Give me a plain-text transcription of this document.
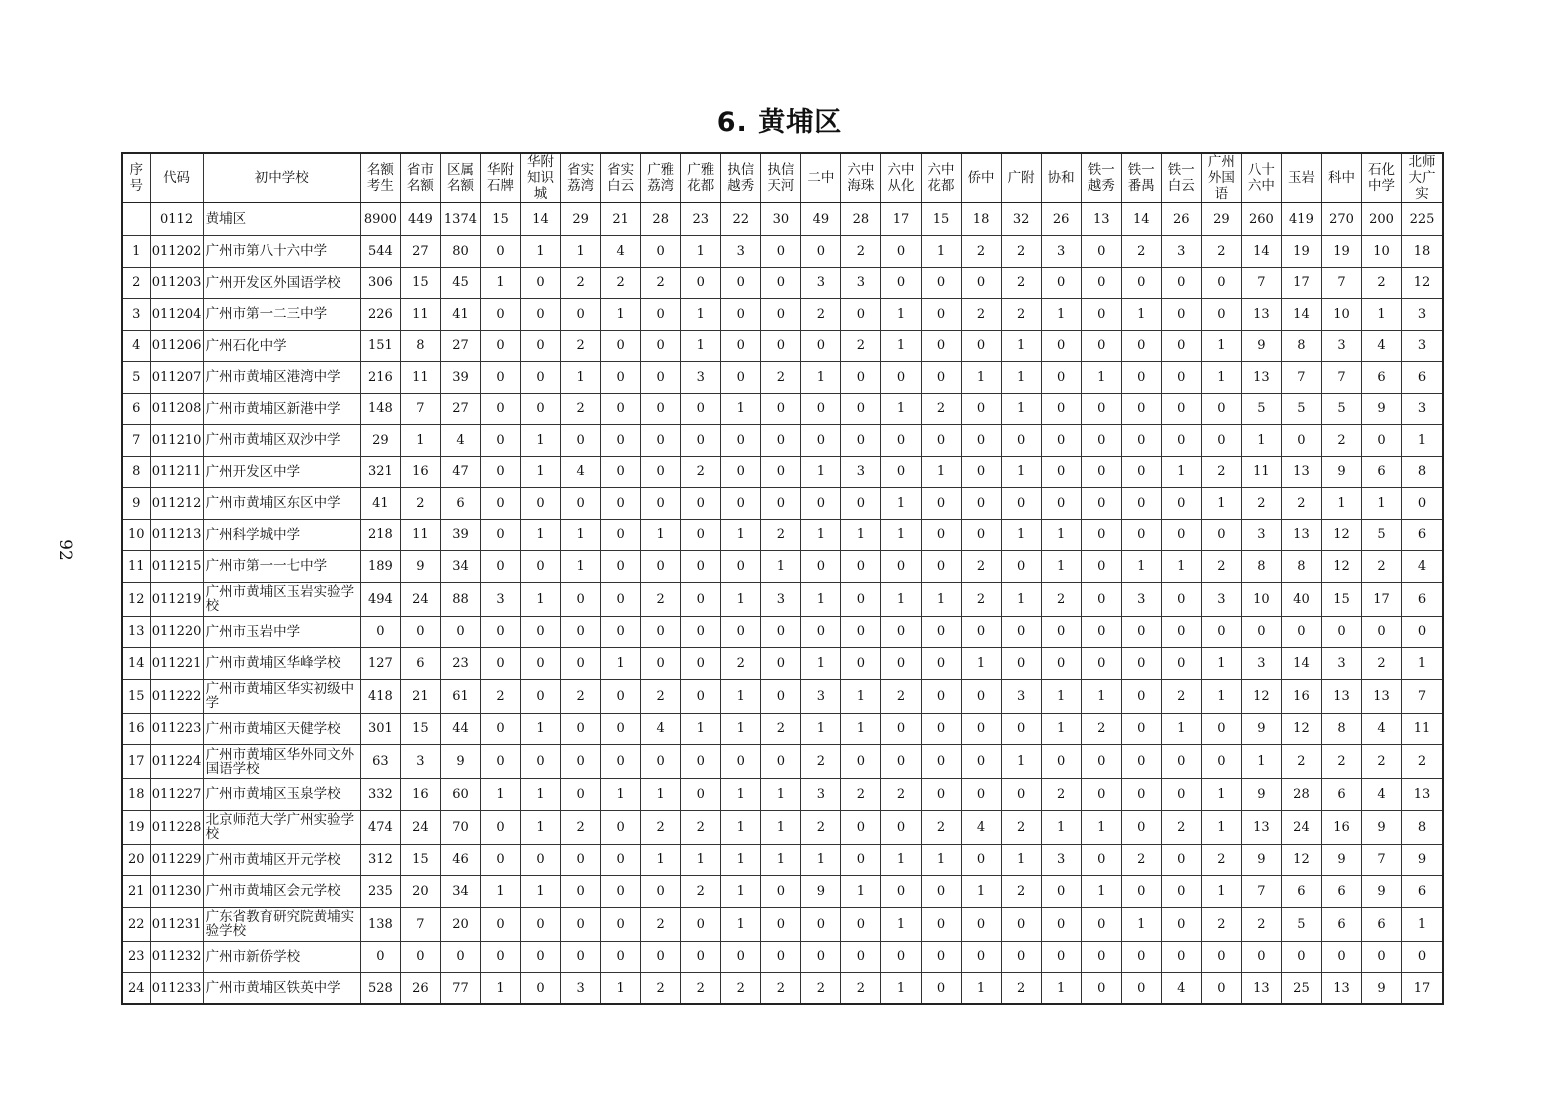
6. 黄埔区
92
序号	代码	初中学校	名额考生	省市名额	区属名额	华附石牌	华附知识城	省实荔湾	省实白云	广雅荔湾	广雅花都	执信越秀	执信天河	二中	六中海珠	六中从化	六中花都	侨中	广附	协和	铁一越秀	铁一番禺	铁一白云	广州外国语	八十六中	玉岩	科中	石化中学	北师大广实
	0112	黄埔区	8900	449	1374	15	14	29	21	28	23	22	30	49	28	17	15	18	32	26	13	14	26	29	260	419	270	200	225
1	011202	广州市第八十六中学	544	27	80	0	1	1	4	0	1	3	0	0	2	0	1	2	2	3	0	2	3	2	14	19	19	10	18
2	011203	广州开发区外国语学校	306	15	45	1	0	2	2	2	0	0	0	3	3	0	0	0	2	0	0	0	0	0	7	17	7	2	12
3	011204	广州市第一二三中学	226	11	41	0	0	0	1	0	1	0	0	2	0	1	0	2	2	1	0	1	0	0	13	14	10	1	3
4	011206	广州石化中学	151	8	27	0	0	2	0	0	1	0	0	0	2	1	0	0	1	0	0	0	0	1	9	8	3	4	3
5	011207	广州市黄埔区港湾中学	216	11	39	0	0	1	0	0	3	0	2	1	0	0	0	1	1	0	1	0	0	1	13	7	7	6	6
6	011208	广州市黄埔区新港中学	148	7	27	0	0	2	0	0	0	1	0	0	0	1	2	0	1	0	0	0	0	0	5	5	5	9	3
7	011210	广州市黄埔区双沙中学	29	1	4	0	1	0	0	0	0	0	0	0	0	0	0	0	0	0	0	0	0	0	1	0	2	0	1
8	011211	广州开发区中学	321	16	47	0	1	4	0	0	2	0	0	1	3	0	1	0	1	0	0	0	1	2	11	13	9	6	8
9	011212	广州市黄埔区东区中学	41	2	6	0	0	0	0	0	0	0	0	0	0	1	0	0	0	0	0	0	0	1	2	2	1	1	0
10	011213	广州科学城中学	218	11	39	0	1	1	0	1	0	1	2	1	1	1	0	0	1	1	0	0	0	0	3	13	12	5	6
11	011215	广州市第一一七中学	189	9	34	0	0	1	0	0	0	0	1	0	0	0	0	2	0	1	0	1	1	2	8	8	12	2	4
12	011219	广州市黄埔区玉岩实验学校	494	24	88	3	1	0	0	2	0	1	3	1	0	1	1	2	1	2	0	3	0	3	10	40	15	17	6
13	011220	广州市玉岩中学	0	0	0	0	0	0	0	0	0	0	0	0	0	0	0	0	0	0	0	0	0	0	0	0	0	0	0
14	011221	广州市黄埔区华峰学校	127	6	23	0	0	0	1	0	0	2	0	1	0	0	0	1	0	0	0	0	0	1	3	14	3	2	1
15	011222	广州市黄埔区华实初级中学	418	21	61	2	0	2	0	2	0	1	0	3	1	2	0	0	3	1	1	0	2	1	12	16	13	13	7
16	011223	广州市黄埔区天健学校	301	15	44	0	1	0	0	4	1	1	2	1	1	0	0	0	0	1	2	0	1	0	9	12	8	4	11
17	011224	广州市黄埔区华外同文外国语学校	63	3	9	0	0	0	0	0	0	0	0	2	0	0	0	0	1	0	0	0	0	0	1	2	2	2	2
18	011227	广州市黄埔区玉泉学校	332	16	60	1	1	0	1	1	0	1	1	3	2	2	0	0	0	2	0	0	0	1	9	28	6	4	13
19	011228	北京师范大学广州实验学校	474	24	70	0	1	2	0	2	2	1	1	2	0	0	2	4	2	1	1	0	2	1	13	24	16	9	8
20	011229	广州市黄埔区开元学校	312	15	46	0	0	0	0	1	1	1	1	1	0	1	1	0	1	3	0	2	0	2	9	12	9	7	9
21	011230	广州市黄埔区会元学校	235	20	34	1	1	0	0	0	2	1	0	9	1	0	0	1	2	0	1	0	0	1	7	6	6	9	6
22	011231	广东省教育研究院黄埔实验学校	138	7	20	0	0	0	0	2	0	1	0	0	0	1	0	0	0	0	0	1	0	2	2	5	6	6	1
23	011232	广州市新侨学校	0	0	0	0	0	0	0	0	0	0	0	0	0	0	0	0	0	0	0	0	0	0	0	0	0	0	0
24	011233	广州市黄埔区铁英中学	528	26	77	1	0	3	1	2	2	2	2	2	2	1	0	1	2	1	0	0	4	0	13	25	13	9	17
